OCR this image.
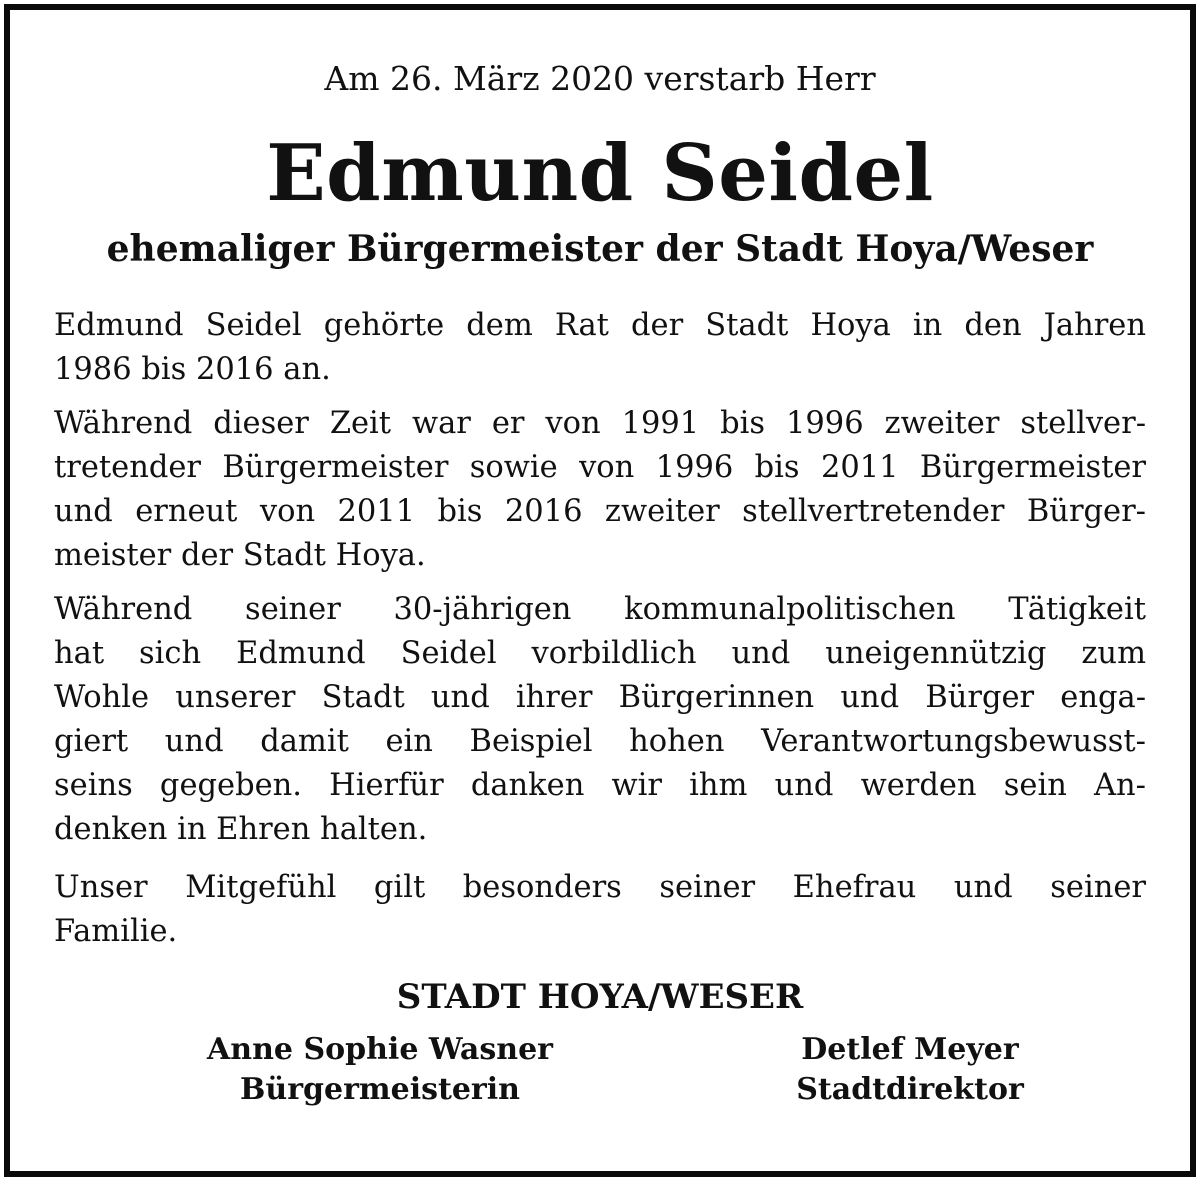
Am 26. März 2020 verstarb Herr
Edmund Seidel
ehemaliger Bürgermeister der Stadt Hoya/Weser

Edmund Seidel gehörte dem Rat der Stadt Hoya in den Jahren
1986 bis 2016 an.

Während dieser Zeit war er von 1991 bis 1996 zweiter stellver-
tretender Bürgermeister sowie von 1996 bis 2011 Bürgermeister
und erneut von 2011 bis 2016 zweiter stellvertretender Bürger-
meister der Stadt Hoya.

Während seiner 30-jährigen kommunalpolitischen Tätigkeit
hat sich Edmund Seidel vorbildlich und uneigennützig zum
Wohle unserer Stadt und ihrer Bürgerinnen und Bürger enga-
giert und damit ein Beispiel hohen Verantwortungsbewusst-
seins gegeben. Hierfür danken wir ihm und werden sein An-
denken in Ehren halten.

Unser Mitgefühl gilt besonders seiner Ehefrau und seiner
Familie.

STADT HOYA/WESER
Anne Sophie Wasner
Bürgermeisterin
Detlef Meyer
Stadtdirektor
